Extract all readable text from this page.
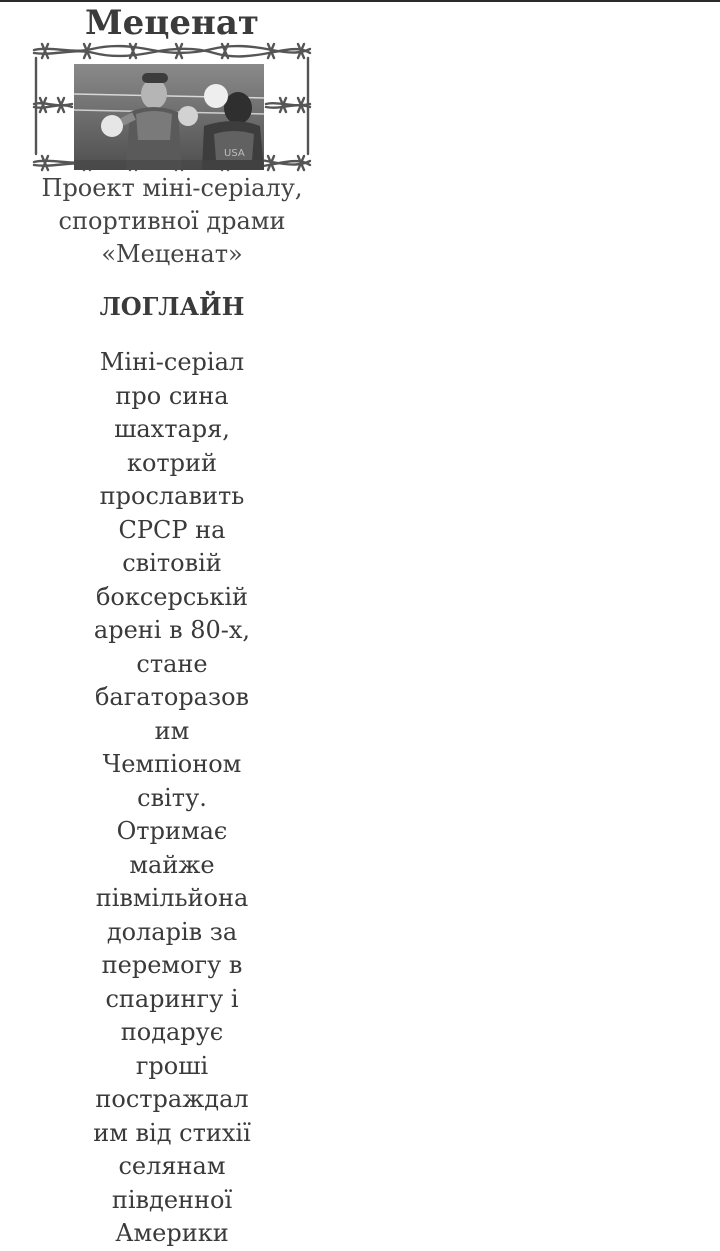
Меценат
USA

Проект міні-серіалу, спортивної драми «Меценат»

ЛОГЛАЙН

Міні-серіал про сина шахтаря, котрий прославить СРСР на світовій боксерській арені в 80-х, стане багаторазовим Чемпіоном світу. Отримає майже півмільйона доларів за перемогу в спарингу і подарує гроші постраждалим від стихії селянам південної Америки
